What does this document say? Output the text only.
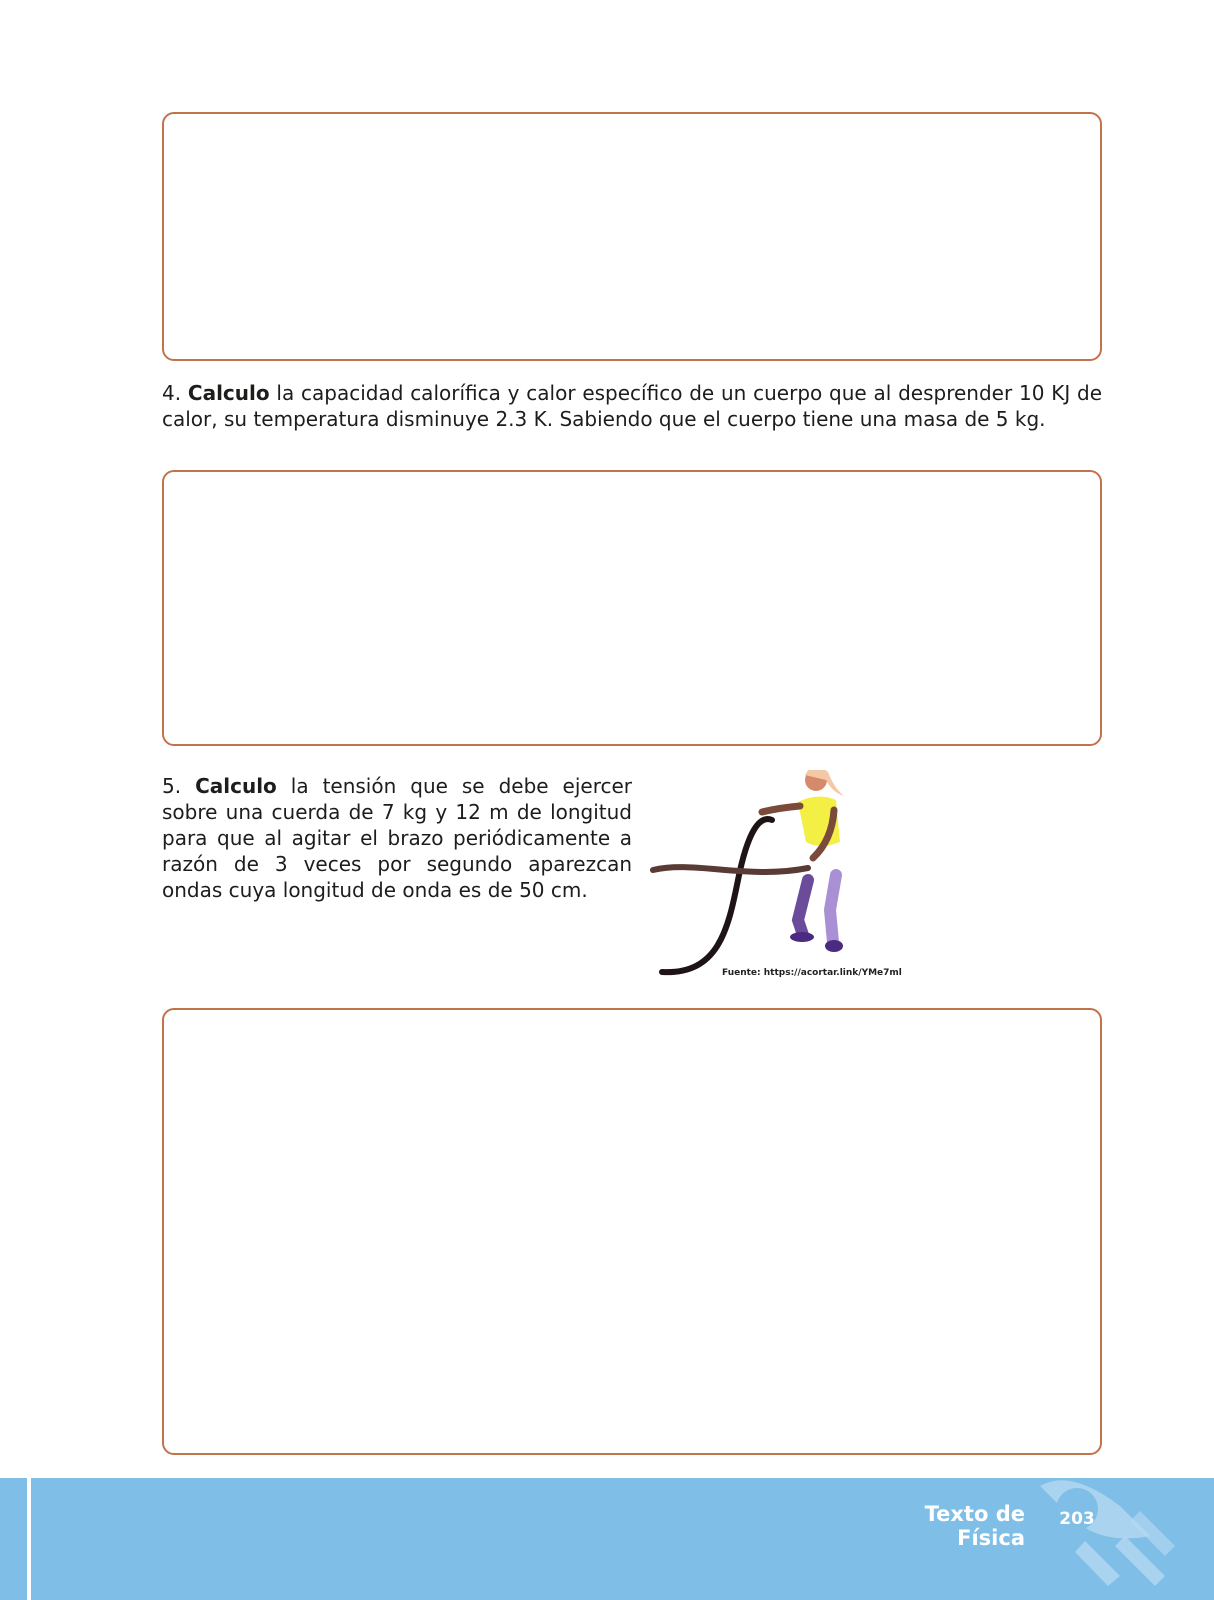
4. Calculo la capacidad calorífica y calor específico de un cuerpo que al desprender 10 KJ de calor, su temperatura disminuye 2.3 K. Sabiendo que el cuerpo tiene una masa de 5 kg.
5. Calculo la tensión que se debe ejercer sobre una cuerda de 7 kg y 12 m de longitud para que al agitar el brazo periódicamente a razón de 3 veces por segundo aparezcan ondas cuya longitud de onda es de 50 cm.
Fuente: https://acortar.link/YMe7ml
Texto de Física
203
